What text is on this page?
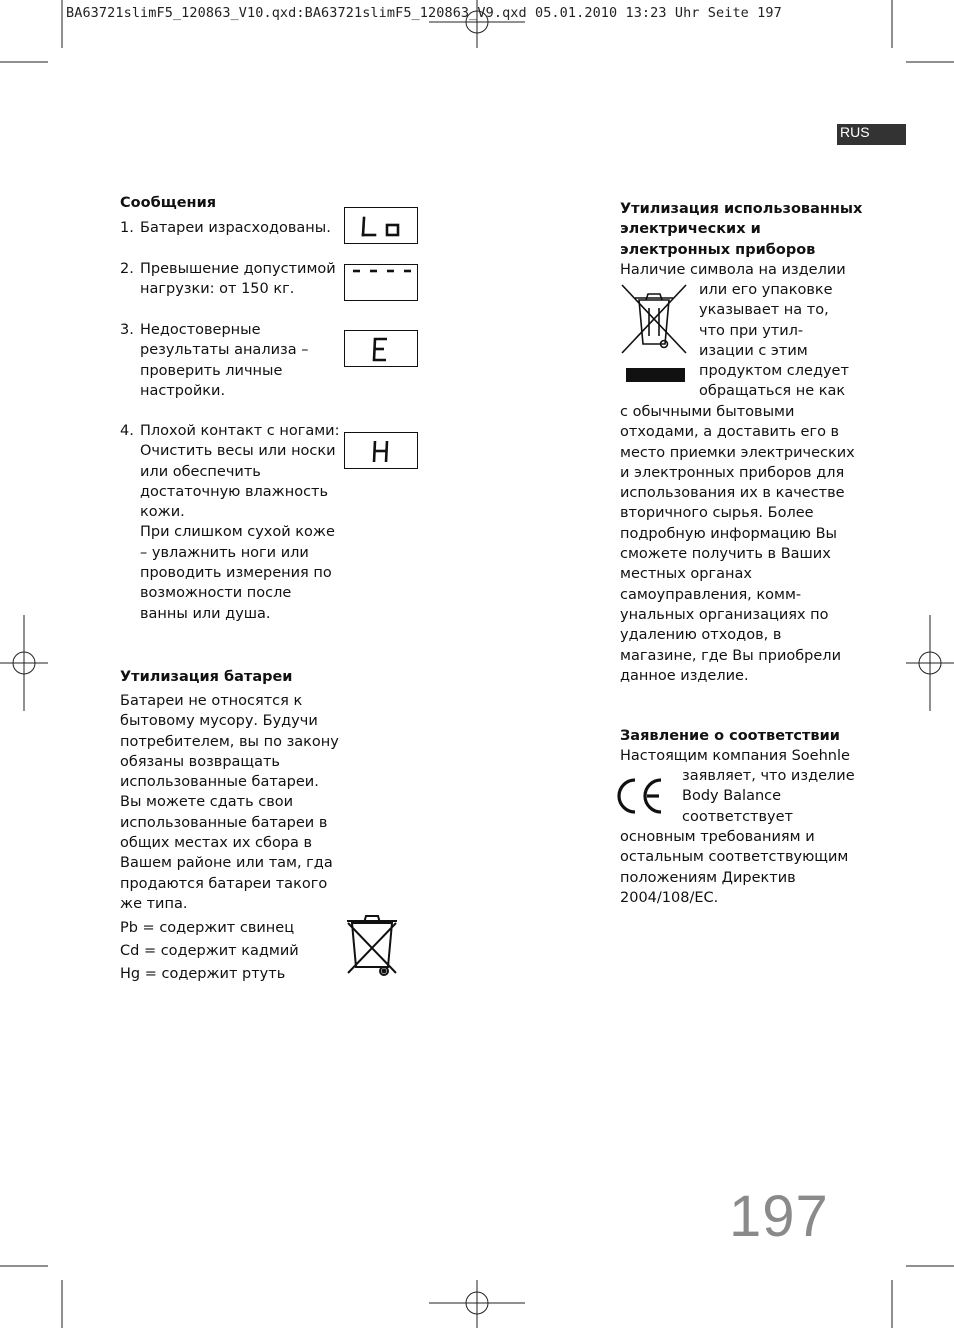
BA63721slimF5_120863_V10.qxd:BA63721slimF5_120863_V9.qxd 05.01.2010 13:23 Uhr Seite 197
RUS
Сообщения
1. Батареи израсходованы.
2. Превышение допустимой
нагрузки: от 150 кг.
3. Недостоверные
результаты анализа –
проверить личные
настройки.
4. Плохой контакт с ногами:
Очистить весы или носки
или обеспечить
достаточную влажность
кожи.
При слишком сухой коже
– увлажнить ноги или
проводить измерения по
возможности после
ванны или душа.
Утилизация батареи
Батареи не относятся к
бытовому мусору. Будучи
потребителем, вы по закону
обязаны возвращать
использованные батареи.
Вы можете сдать свои
использованные батареи в
общих местах их сбора в
Вашем районе или там, гда
продаются батареи такого
же типа.
Pb = содержит свинец
Cd = содержит кадмий
Hg = содержит ртуть
Утилизация использованных
электрических и
электронных приборов
Наличие символа на изделии
или его упаковке
указывает на то,
что при утил-
изации с этим
продуктом следует
обращаться не как
с обычными бытовыми
отходами, а доставить его в
место приемки электрических
и электронных приборов для
использования их в качестве
вторичного сырья. Более
подробную информацию Вы
сможете получить в Ваших
местных органах
самоуправления, комм-
унальных организациях по
удалению отходов, в
магазине, где Вы приобрели
данное изделие.
Заявление о соответствии
Настоящим компания Soehnle
заявляет, что изделие
Body Balance
соответствует
основным требованиям и
остальным соответствующим
положениям Директив
2004/108/EC.
197
